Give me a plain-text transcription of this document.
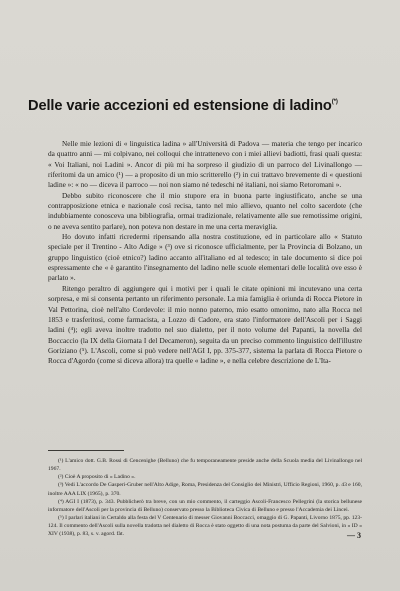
Delle varie accezioni ed estensione di ladino(*)

Nelle mie lezioni di « linguistica ladina » all'Università di Padova — materia che tengo per incarico da quattro anni — mi colpivano, nei colloqui che intrattenevo con i miei allievi badiotti, frasi quali questa: « Voi Italiani, noi Ladini ». Ancor di più mi ha sorpreso il giudizio di un parroco del Livinallongo — riferitomi da un amico (¹) — a proposito di un mio scritterello (²) in cui trattavo brevemente di « questioni ladine »: « no — diceva il parroco — noi non siamo né tedeschi né italiani, noi siamo Retoromani ».

Debbo subito riconoscere che il mio stupore era in buona parte ingiustificato, anche se una contrapposizione etnica e nazionale così recisa, tanto nel mio allievo, quanto nel colto sacerdote (che indubbiamente conosceva una bibliografia, ormai tradizionale, relativamente alle sue remotissime origini, o ne aveva sentito parlare), non poteva non destare in me una certa meraviglia.

Ho dovuto infatti ricredermi ripensando alla nostra costituzione, ed in particolare allo « Statuto speciale per il Trentino - Alto Adige » (³) ove si riconosce ufficialmente, per la Provincia di Bolzano, un gruppo linguistico (cioè etnico?) ladino accanto all'italiano ed al tedesco; in tale documento si dice poi espressamente che « è garantito l'insegnamento del ladino nelle scuole elementari delle località ove esso è parlato ».

Ritengo peraltro di aggiungere qui i motivi per i quali le citate opinioni mi incutevano una certa sorpresa, e mi si consenta pertanto un riferimento personale. La mia famiglia è oriunda di Rocca Pietore in Val Pettorina, cioè nell'alto Cordevole: il mio nonno paterno, mio esatto omonimo, nato alla Rocca nel 1853 e trasferitosi, come farmacista, a Lozzo di Cadore, era stato l'informatore dell'Ascoli per i Saggi ladini (⁴); egli aveva inoltre tradotto nel suo dialetto, per il noto volume del Papanti, la novella del Boccaccio (la IX della Giornata I del Decameron), seguita da un preciso commento linguistico dell'illustre Goriziano (⁵). L'Ascoli, come si può vedere nell'AGI I, pp. 375-377, sistema la parlata di Rocca Pietore o Rocca d'Agordo (come si diceva allora) tra quelle « ladine », e nella celebre descrizione de L'Ita-

(¹) L'amico dott. G.B. Rossi di Cencenighe (Belluno) che fu temporaneamente preside anche della Scuola media del Livinallongo nel 1967.

(²) Cioè A proposito di « Ladino ».

(³) Vedi L'accordo De Gasperi-Gruber nell'Alto Adige, Roma, Presidenza del Consiglio dei Ministri, Ufficio Regioni, 1960, p. 43 e 160, inoltre AAA LIX (1965), p. 370.

(⁴) AGI I (1873), p. 343. Pubblicherò tra breve, con un mio commento, il carteggio Ascoli-Francesco Pellegrini (la storica bellunese informatore dell'Ascoli per la provincia di Belluno) conservato presso la Biblioteca Civica di Belluno e presso l'Accademia dei Lincei.

(⁵) I parlari italiani in Certaldo alla festa del V Centenario di messer Giovanni Boccacci, omaggio di G. Papanti, Livorno 1875, pp. 123-124. Il commento dell'Ascoli sulla novella tradotta nel dialetto di Rocca è stato oggetto di una nota postuma da parte del Salvioni, in « ID » XIV (1938), p. 83, s. v. agord. fàt.	— 3
